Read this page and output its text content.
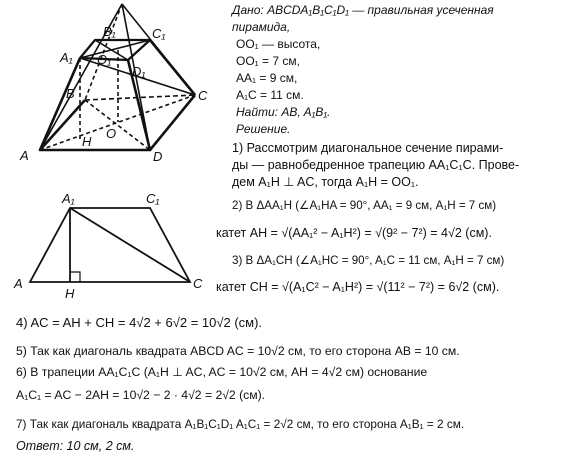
B₁	C₁
A₁ O₁
D₁
B	C
O
H
A	D
A₁	C₁
A
H
C
Дано: ABCDA₁B₁C₁D₁ — правильная усеченная
пирамида,
OO₁ — высота,
OO₁ = 7 см,
AA₁ = 9 см,
A₁C = 11 см.
Найти: AB, A₁B₁.
Решение.
1) Рассмотрим диагональное сечение пирами-
ды — равнобедренное трапецию AA₁C₁C. Прове-
дем A₁H ⊥ AC, тогда A₁H = OO₁.
2) В ΔAA₁H (∠A₁HA = 90°, AA₁ = 9 см, A₁H = 7 см)
катет AH = √(AA₁² − A₁H²) = √(9² − 7²) = 4√2 (см).
3) В ΔA₁CH (∠A₁HC = 90°, A₁C = 11 см, A₁H = 7 см)
катет CH = √(A₁C² − A₁H²) = √(11² − 7²) = 6√2 (см).
4) AC = AH + CH = 4√2 + 6√2 = 10√2 (см).
5) Так как диагональ квадрата ABCD AC = 10√2 см, то его сторона AB = 10 см.
6) В трапеции AA₁C₁C (A₁H ⊥ AC, AC = 10√2 см, AH = 4√2 см) основание
A₁C₁ = AC − 2AH = 10√2 − 2 · 4√2 = 2√2 (см).
7) Так как диагональ квадрата A₁B₁C₁D₁ A₁C₁ = 2√2 см, то его сторона A₁B₁ = 2 см.
Ответ: 10 см, 2 см.
